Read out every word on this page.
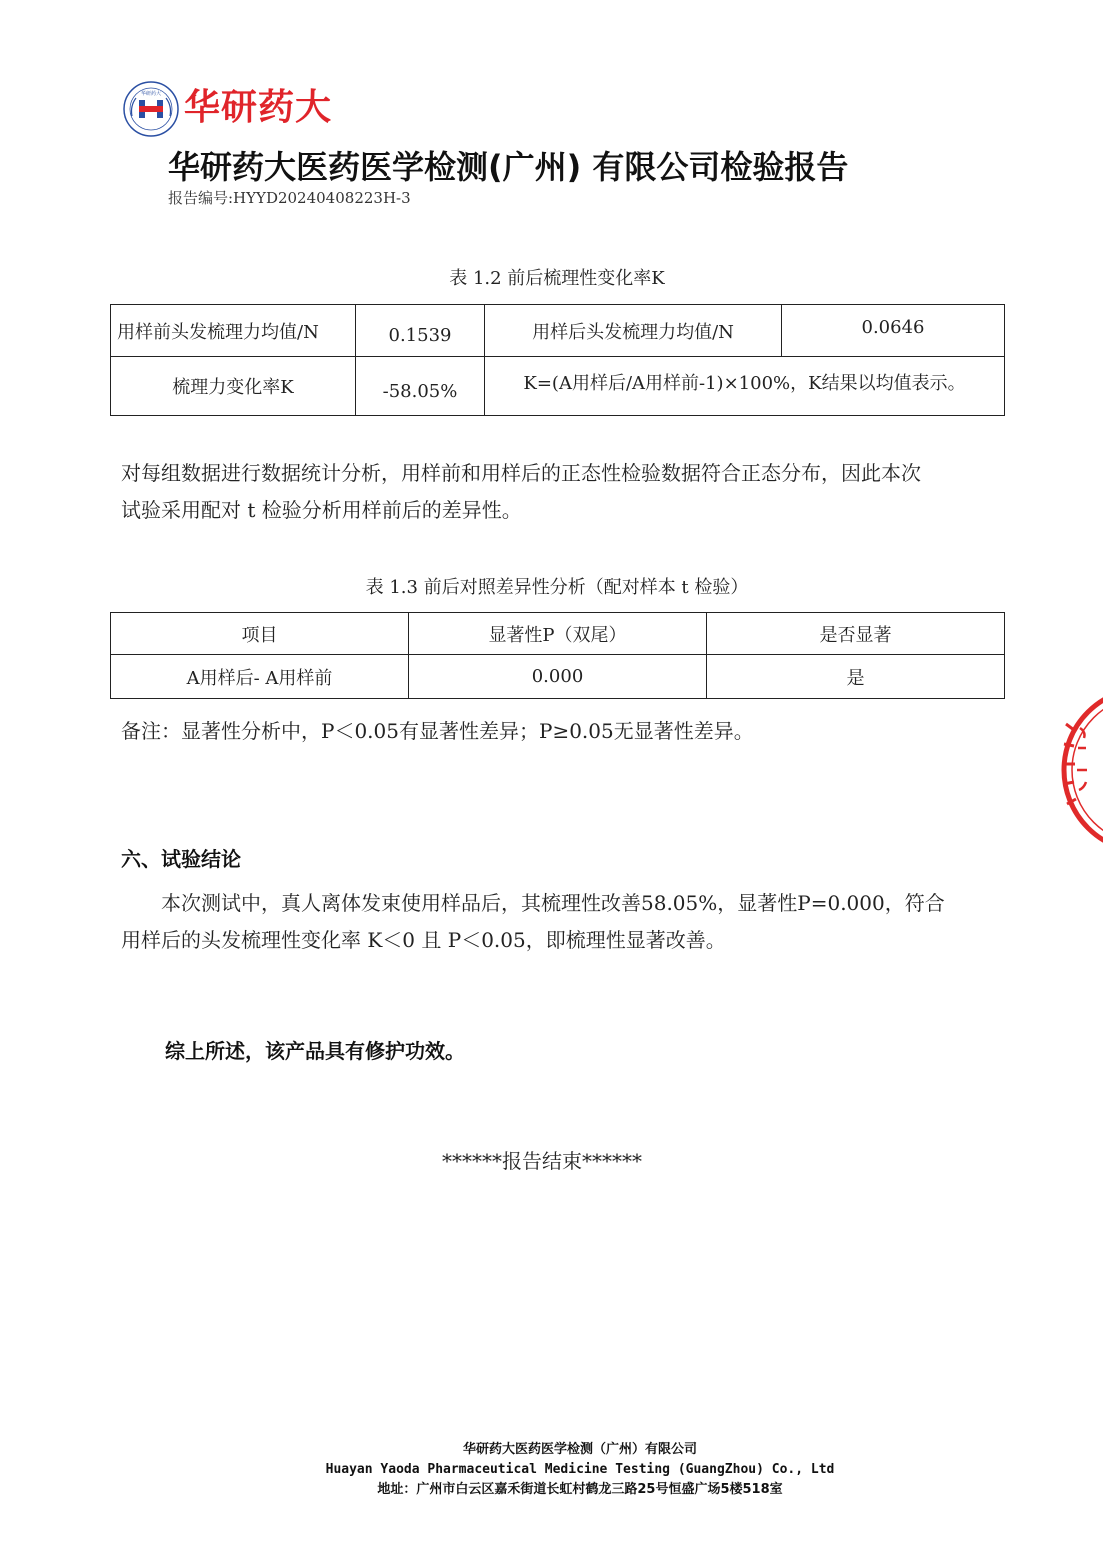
华研药大 华研药大
华研药大医药医学检测(广州) 有限公司检验报告
报告编号:HYYD20240408223H-3
表 1.2 前后梳理性变化率K
用样前头发梳理力均值/N	0.1539	用样后头发梳理力均值/N	0.0646
梳理力变化率K	-58.05%	K=(A用样后/A用样前-1)×100%，K结果以均值表示。	
对每组数据进行数据统计分析，用样前和用样后的正态性检验数据符合正态分布，因此本次
试验采用配对 t 检验分析用样前后的差异性。
表 1.3 前后对照差异性分析（配对样本 t 检验）
项目	显著性P（双尾）	是否显著
A用样后- A用样前	0.000	是
备注：显著性分析中，P＜0.05有显著性差异；P≥0.05无显著性差异。
六、试验结论
本次测试中，真人离体发束使用样品后，其梳理性改善58.05%，显著性P=0.000，符合
用样后的头发梳理性变化率 K＜0 且 P＜0.05，即梳理性显著改善。
综上所述，该产品具有修护功效。
******报告结束******
华研药大医药医学检测（广州）有限公司
Huayan Yaoda Pharmaceutical Medicine Testing (GuangZhou) Co., Ltd
地址：广州市白云区嘉禾街道长虹村鹤龙三路25号恒盛广场5楼518室
